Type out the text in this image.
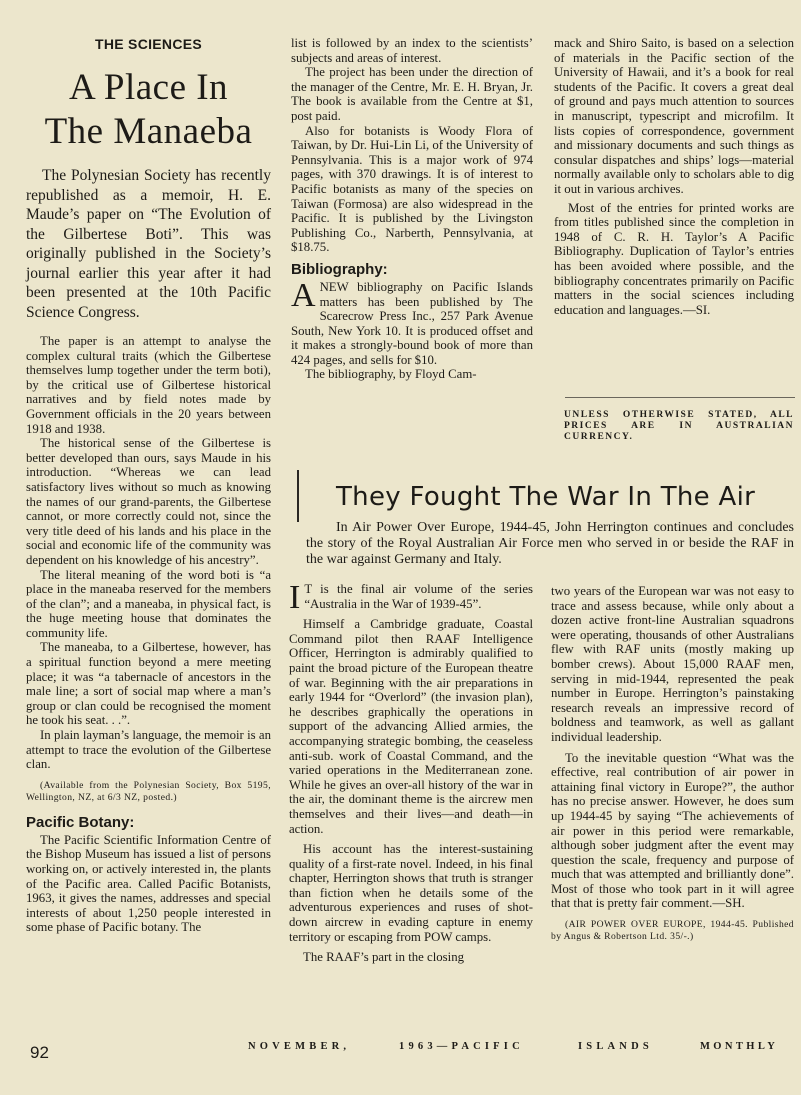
THE SCIENCES
A Place In
The Manaeba

The Polynesian Society has recently republished as a memoir, H. E. Maude’s paper on “The Evolution of the Gilbertese Boti”. This was originally published in the Society’s journal earlier this year after it had been presented at the 10th Pacific Science Congress.

The paper is an attempt to analyse the complex cultural traits (which the Gilbertese themselves lump together under the term boti), by the critical use of Gilbertese historical narratives and by field notes made by Government officials in the 20 years between 1918 and 1938.

The historical sense of the Gilbertese is better developed than ours, says Maude in his introduction. “Whereas we can lead satisfactory lives without so much as knowing the names of our grand-parents, the Gilbertese cannot, or more correctly could not, since the very title deed of his lands and his place in the social and economic life of the community was dependent on his knowledge of his ancestry”.

The literal meaning of the word boti is “a place in the maneaba reserved for the members of the clan”; and a maneaba, in physical fact, is the huge meeting house that dominates the community life.

The maneaba, to a Gilbertese, however, has a spiritual function beyond a mere meeting place; it was “a tabernacle of ancestors in the male line; a sort of social map where a man’s group or clan could be recognised the moment he took his seat. . .”.

In plain layman’s language, the memoir is an attempt to trace the evolution of the Gilbertese clan.

(Available from the Polynesian Society, Box 5195, Wellington, NZ, at 6/3 NZ, posted.)

Pacific Botany:

The Pacific Scientific Information Centre of the Bishop Museum has issued a list of persons working on, or actively interested in, the plants of the Pacific area. Called Pacific Botanists, 1963, it gives the names, addresses and special interests of about 1,250 people interested in some phase of Pacific botany. The

list is followed by an index to the scientists’ subjects and areas of interest.

The project has been under the direction of the manager of the Centre, Mr. E. H. Bryan, Jr. The book is available from the Centre at $1, post paid.

Also for botanists is Woody Flora of Taiwan, by Dr. Hui-Lin Li, of the University of Pennsylvania. This is a major work of 974 pages, with 370 drawings. It is of interest to Pacific botanists as many of the species on Taiwan (Formosa) are also widespread in the Pacific. It is published by the Livingston Publishing Co., Narberth, Pennsylvania, at $18.75.

Bibliography:

ANEW bibliography on Pacific Islands matters has been published by The Scarecrow Press Inc., 257 Park Avenue South, New York 10. It is produced offset and it makes a strongly-bound book of more than 424 pages, and sells for $10.

The bibliography, by Floyd Cam-

mack and Shiro Saito, is based on a selection of materials in the Pacific section of the University of Hawaii, and it’s a book for real students of the Pacific. It covers a great deal of ground and pays much attention to sources in manuscript, typescript and microfilm. It lists copies of correspondence, government and missionary documents and such things as consular dispatches and ships’ logs—material normally available only to scholars able to dig it out in various archives.

Most of the entries for printed works are from titles published since the completion in 1948 of C. R. H. Taylor’s A Pacific Bibliography. Duplication of Taylor’s entries has been avoided where possible, and the bibliography concentrates primarily on Pacific matters in the social sciences including education and languages.—SI.

UNLESS OTHERWISE STATED, ALL PRICES ARE IN AUSTRALIAN CURRENCY.
They Fought The War In The Air

In Air Power Over Europe, 1944-45, John Herrington continues and concludes the story of the Royal Australian Air Force men who served in or beside the RAF in the war against Germany and Italy.

I T is the final air volume of the series “Australia in the War of 1939-45”.

Himself a Cambridge graduate, Coastal Command pilot then RAAF Intelligence Officer, Herrington is admirably qualified to paint the broad picture of the European theatre of war. Beginning with the air preparations in early 1944 for “Overlord” (the invasion plan), he describes graphically the operations in support of the advancing Allied armies, the accompanying strategic bombing, the ceaseless anti-sub. work of Coastal Command, and the varied operations in the Mediterranean zone. While he gives an over-all history of the war in the air, the dominant theme is the aircrew men themselves and their lives—and death—in action.

His account has the interest-sustaining quality of a first-rate novel. Indeed, in his final chapter, Herrington shows that truth is stranger than fiction when he details some of the adventurous experiences and ruses of shot-down aircrew in evading capture in enemy territory or escaping from POW camps.

The RAAF’s part in the closing

two years of the European war was not easy to trace and assess because, while only about a dozen active front-line Australian squadrons were operating, thousands of other Australians flew with RAF units (mostly making up bomber crews). About 15,000 RAAF men, serving in mid-1944, represented the peak number in Europe. Herrington’s painstaking research reveals an impressive record of boldness and teamwork, as well as gallant individual leadership.

To the inevitable question “What was the effective, real contribution of air power in attaining final victory in Europe?”, the author has no precise answer. However, he does sum up 1944-45 by saying “The achievements of air power in this period were remarkable, although sober judgment after the event may question the scale, frequency and purpose of much that was attempted and brilliantly done”. Most of those who took part in it will agree that that is pretty fair comment.—SH.

(AIR POWER OVER EUROPE, 1944-45. Published by Angus & Robertson Ltd. 35/-.)

92	NOVEMBER,	1963—PACIFIC	ISLANDS	MONTHLY
